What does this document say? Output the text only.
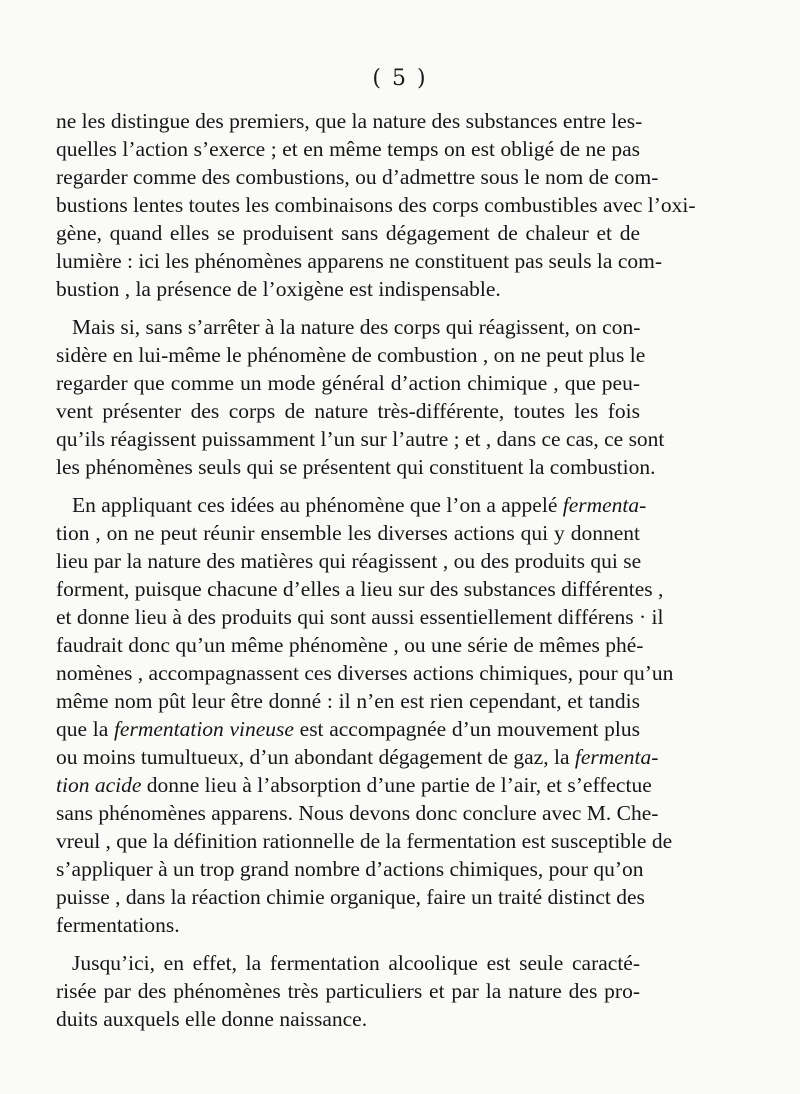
( 5 )
ne les distingue des premiers, que la nature des substances entre les-
quelles l’action s’exerce ; et en même temps on est obligé de ne pas
regarder comme des combustions, ou d’admettre sous le nom de com-
bustions lentes toutes les combinaisons des corps combustibles avec l’oxi-
gène, quand elles se produisent sans dégagement de chaleur et de
lumière : ici les phénomènes apparens ne constituent pas seuls la com-
bustion , la présence de l’oxigène est indispensable.
Mais si, sans s’arrêter à la nature des corps qui réagissent, on con-
sidère en lui-même le phénomène de combustion , on ne peut plus le
regarder que comme un mode général d’action chimique , que peu-
vent présenter des corps de nature très-différente, toutes les fois
qu’ils réagissent puissamment l’un sur l’autre ; et , dans ce cas, ce sont
les phénomènes seuls qui se présentent qui constituent la combustion.
En appliquant ces idées au phénomène que l’on a appelé fermenta-
tion , on ne peut réunir ensemble les diverses actions qui y donnent
lieu par la nature des matières qui réagissent , ou des produits qui se
forment, puisque chacune d’elles a lieu sur des substances différentes ,
et donne lieu à des produits qui sont aussi essentiellement différens · il
faudrait donc qu’un même phénomène , ou une série de mêmes phé-
nomènes , accompagnassent ces diverses actions chimiques, pour qu’un
même nom pût leur être donné : il n’en est rien cependant, et tandis
que la fermentation vineuse est accompagnée d’un mouvement plus
ou moins tumultueux, d’un abondant dégagement de gaz, la fermenta-
tion acide donne lieu à l’absorption d’une partie de l’air, et s’effectue
sans phénomènes apparens. Nous devons donc conclure avec M. Che-
vreul , que la définition rationnelle de la fermentation est susceptible de
s’appliquer à un trop grand nombre d’actions chimiques, pour qu’on
puisse , dans la réaction chimie organique, faire un traité distinct des
fermentations.
Jusqu’ici, en effet, la fermentation alcoolique est seule caracté-
risée par des phénomènes très particuliers et par la nature des pro-
duits auxquels elle donne naissance.
